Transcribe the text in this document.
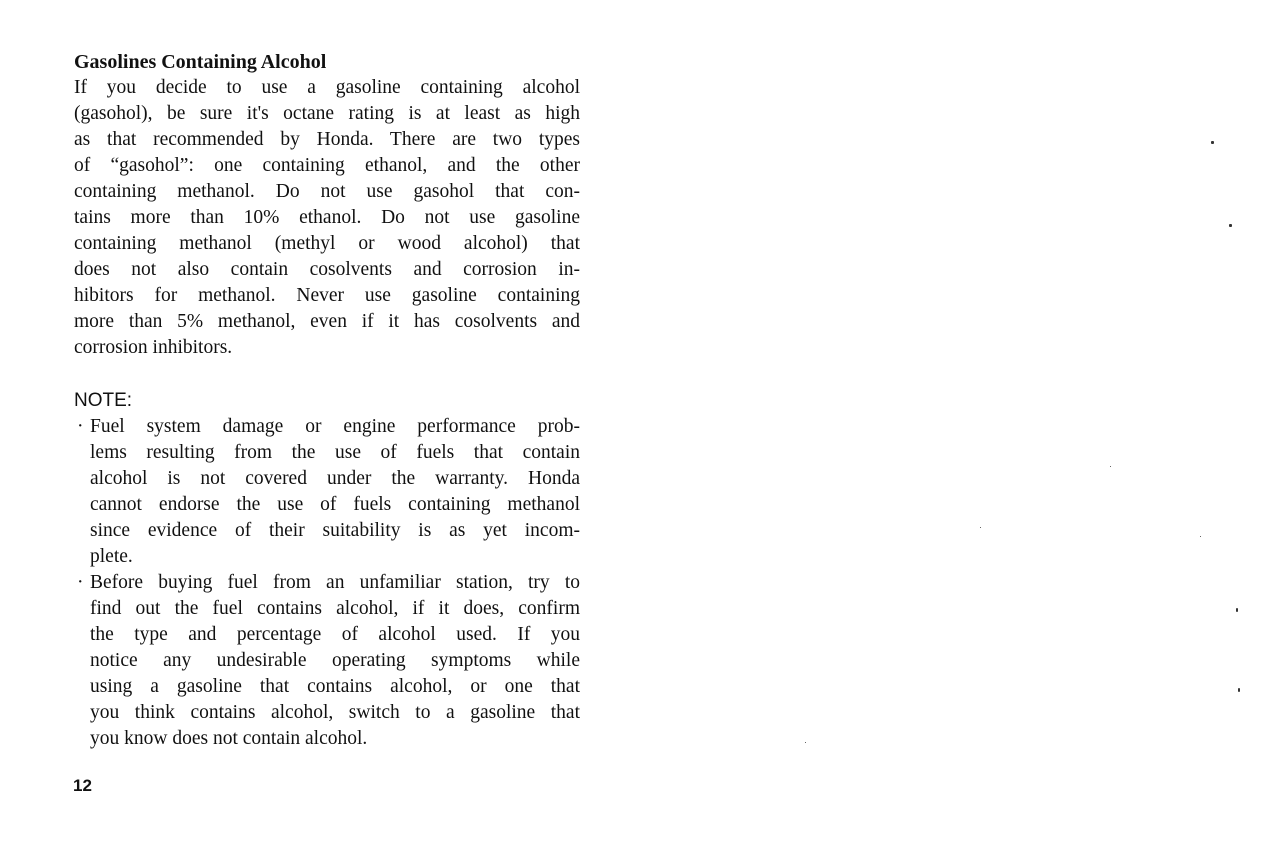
Gasolines Containing Alcohol

If you decide to use a gasoline containing alcohol
(gasohol), be sure it's octane rating is at least as high
as that recommended by Honda. There are two types
of “gasohol”: one containing ethanol, and the other
containing methanol. Do not use gasohol that con-
tains more than 10% ethanol. Do not use gasoline
containing methanol (methyl or wood alcohol) that
does not also contain cosolvents and corrosion in-
hibitors for methanol. Never use gasoline containing
more than 5% methanol, even if it has cosolvents and
corrosion inhibitors.

NOTE:
· Fuel system damage or engine performance prob-
lems resulting from the use of fuels that contain
alcohol is not covered under the warranty. Honda
cannot endorse the use of fuels containing methanol
since evidence of their suitability is as yet incom-
plete.
· Before buying fuel from an unfamiliar station, try to
find out the fuel contains alcohol, if it does, confirm
the type and percentage of alcohol used. If you
notice any undesirable operating symptoms while
using a gasoline that contains alcohol, or one that
you think contains alcohol, switch to a gasoline that
you know does not contain alcohol.
12
